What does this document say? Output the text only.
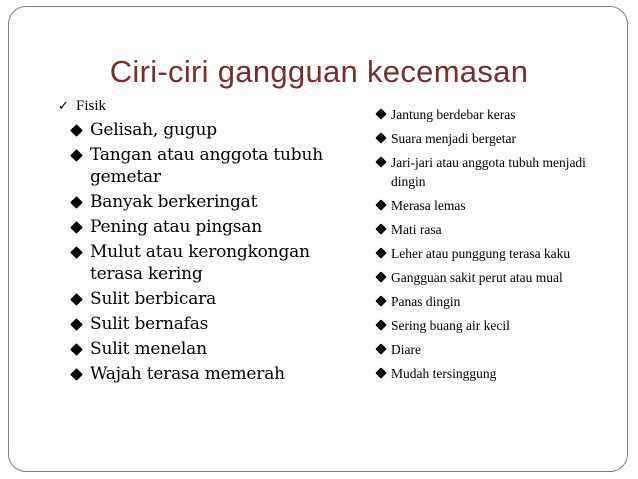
Ciri-ciri gangguan kecemasan
✓ Fisik
Gelisah, gugup
Tangan atau anggota tubuh gemetar
Banyak berkeringat
Pening atau pingsan
Mulut atau kerongkongan terasa kering
Sulit berbicara
Sulit bernafas
Sulit menelan
Wajah terasa memerah
Jantung berdebar keras
Suara menjadi bergetar
Jari-jari atau anggota tubuh menjadi dingin
Merasa lemas
Mati rasa
Leher atau punggung terasa kaku
Gangguan sakit perut atau mual
Panas dingin
Sering buang air kecil
Diare
Mudah tersinggung
